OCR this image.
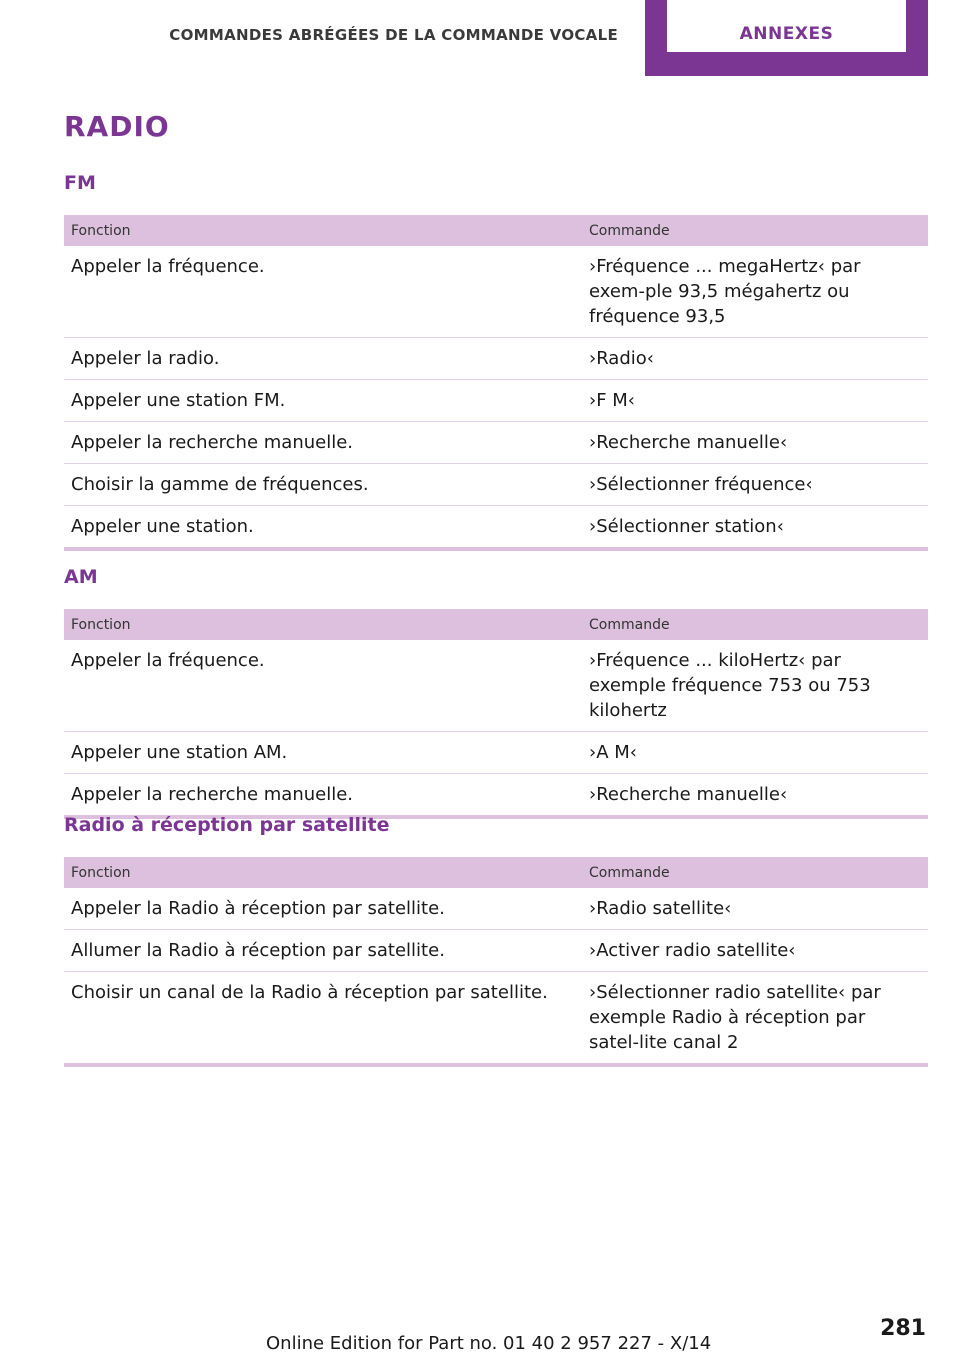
COMMANDES ABRÉGÉES DE LA COMMANDE VOCALE	ANNEXES
RADIO
FM
Fonction	Commande
Appeler la fréquence.	›Fréquence ... megaHertz‹ par exem‐ple 93,5 mégahertz ou fréquence 93,5
Appeler la radio.	›Radio‹
Appeler une station FM.	›F M‹
Appeler la recherche manuelle.	›Recherche manuelle‹
Choisir la gamme de fréquences.	›Sélectionner fréquence‹
Appeler une station.	›Sélectionner station‹
AM
Fonction	Commande
Appeler la fréquence.	›Fréquence ... kiloHertz‹ par exemple fréquence 753 ou 753 kilohertz
Appeler une station AM.	›A M‹
Appeler la recherche manuelle.	›Recherche manuelle‹
Radio à réception par satellite
Fonction	Commande
Appeler la Radio à réception par satellite.	›Radio satellite‹
Allumer la Radio à réception par satellite.	›Activer radio satellite‹
Choisir un canal de la Radio à réception par satellite.	›Sélectionner radio satellite‹ par exemple Radio à réception par satel‐lite canal 2
281
Online Edition for Part no. 01 40 2 957 227 - X/14
